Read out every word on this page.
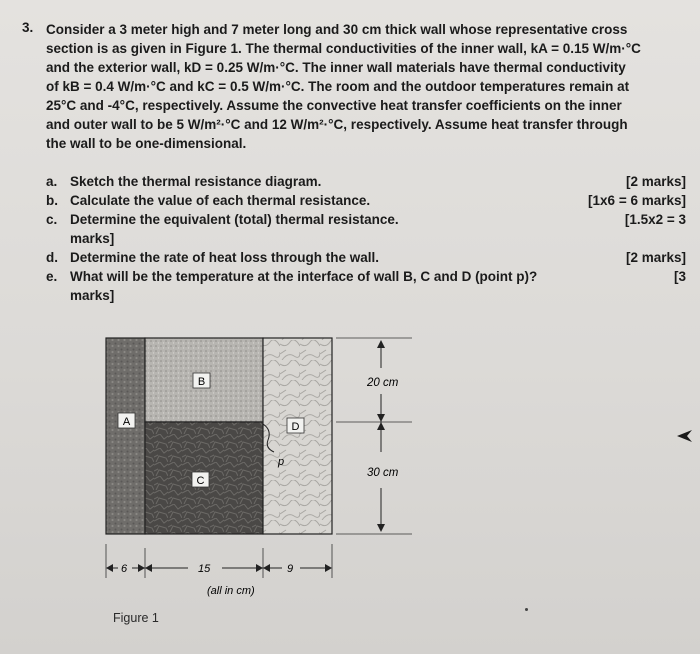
3. Consider a 3 meter high and 7 meter long and 30 cm thick wall whose representative cross
section is as given in Figure 1. The thermal conductivities of the inner wall, kA = 0.15 W/m·°C
and the exterior wall, kD = 0.25 W/m·°C. The inner wall materials have thermal conductivity
of kB = 0.4 W/m·°C and kC = 0.5 W/m·°C. The room and the outdoor temperatures remain at
25°C and -4°C, respectively. Assume the convective heat transfer coefficients on the inner
and outer wall to be 5 W/m²·°C and 12 W/m²·°C, respectively. Assume heat transfer through
the wall to be one-dimensional.
a. Sketch the thermal resistance diagram.	[2 marks]
b. Calculate the value of each thermal resistance.	[1x6 = 6 marks]
c. Determine the equivalent (total) thermal resistance.	[1.5x2 = 3
marks]
d. Determine the rate of heat loss through the wall.	[2 marks]
e. What will be the temperature at the interface of wall B, C and D (point p)?	[3
marks]
A
B
C
D
p
20 cm
30 cm
6	15	9
(all in cm)
Figure 1
